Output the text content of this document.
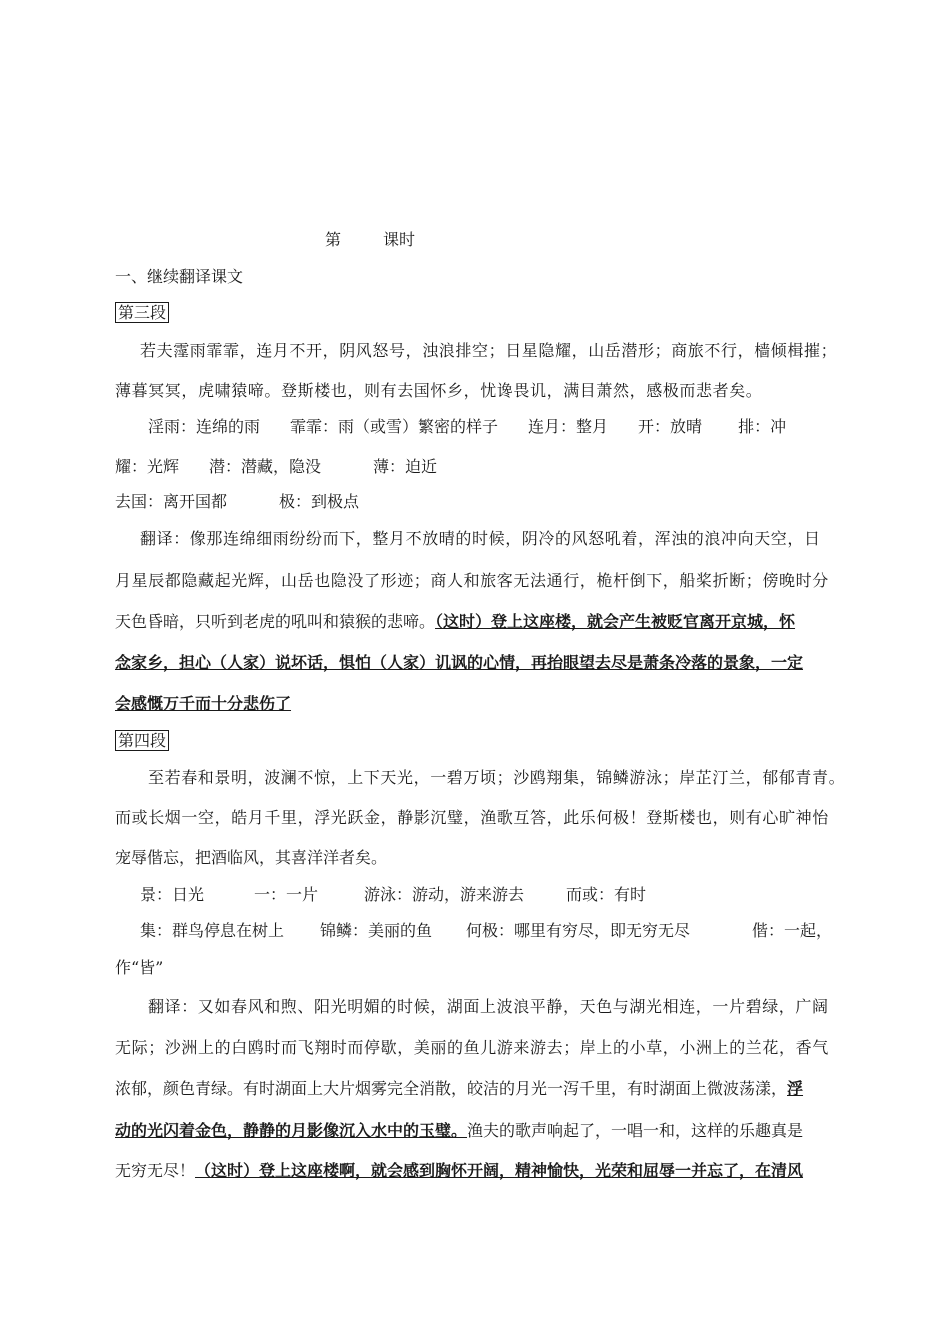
第	课时
一、继续翻译课文
第三段
若夫霪雨霏霏，连月不开，阴风怒号，浊浪排空；日星隐耀，山岳潜形；商旅不行，樯倾楫摧；
薄暮冥冥，虎啸猿啼。登斯楼也，则有去国怀乡，忧谗畏讥，满目萧然，感极而悲者矣。
淫雨：连绵的雨 霏霏：雨（或雪）繁密的样子 连月：整月 开：放晴 排：冲
耀：光辉 潜：潜藏，隐没	薄：迫近
去国：离开国都	极：到极点
翻译：像那连绵细雨纷纷而下，整月不放晴的时候，阴冷的风怒吼着，浑浊的浪冲向天空，日
月星辰都隐藏起光辉，山岳也隐没了形迹；商人和旅客无法通行，桅杆倒下，船桨折断；傍晚时分
天色昏暗，只听到老虎的吼叫和猿猴的悲啼。（这时）登上这座楼，就会产生被贬官离开京城，怀
念家乡，担心（人家）说坏话，惧怕（人家）讥讽的心情，再抬眼望去尽是萧条冷落的景象，一定
会感慨万千而十分悲伤了
第四段
至若春和景明，波澜不惊，上下天光，一碧万顷；沙鸥翔集，锦鳞游泳；岸芷汀兰，郁郁青青。
而或长烟一空，皓月千里，浮光跃金，静影沉璧，渔歌互答，此乐何极！登斯楼也，则有心旷神怡
宠辱偕忘，把酒临风，其喜洋洋者矣。
景：日光	一：一片	游泳：游动，游来游去	而或：有时
集：群鸟停息在树上 锦鳞：美丽的鱼 何极：哪里有穷尽，即无穷无尽	偕：一起，
作“皆”
翻译：又如春风和煦、阳光明媚的时候，湖面上波浪平静，天色与湖光相连，一片碧绿，广阔
无际；沙洲上的白鸥时而飞翔时而停歇，美丽的鱼儿游来游去；岸上的小草，小洲上的兰花，香气
浓郁，颜色青绿。有时湖面上大片烟雾完全消散，皎洁的月光一泻千里，有时湖面上微波荡漾，浮
动的光闪着金色，静静的月影像沉入水中的玉璧。渔夫的歌声响起了，一唱一和，这样的乐趣真是
无穷无尽！（这时）登上这座楼啊，就会感到胸怀开阔，精神愉快，光荣和屈辱一并忘了，在清风
